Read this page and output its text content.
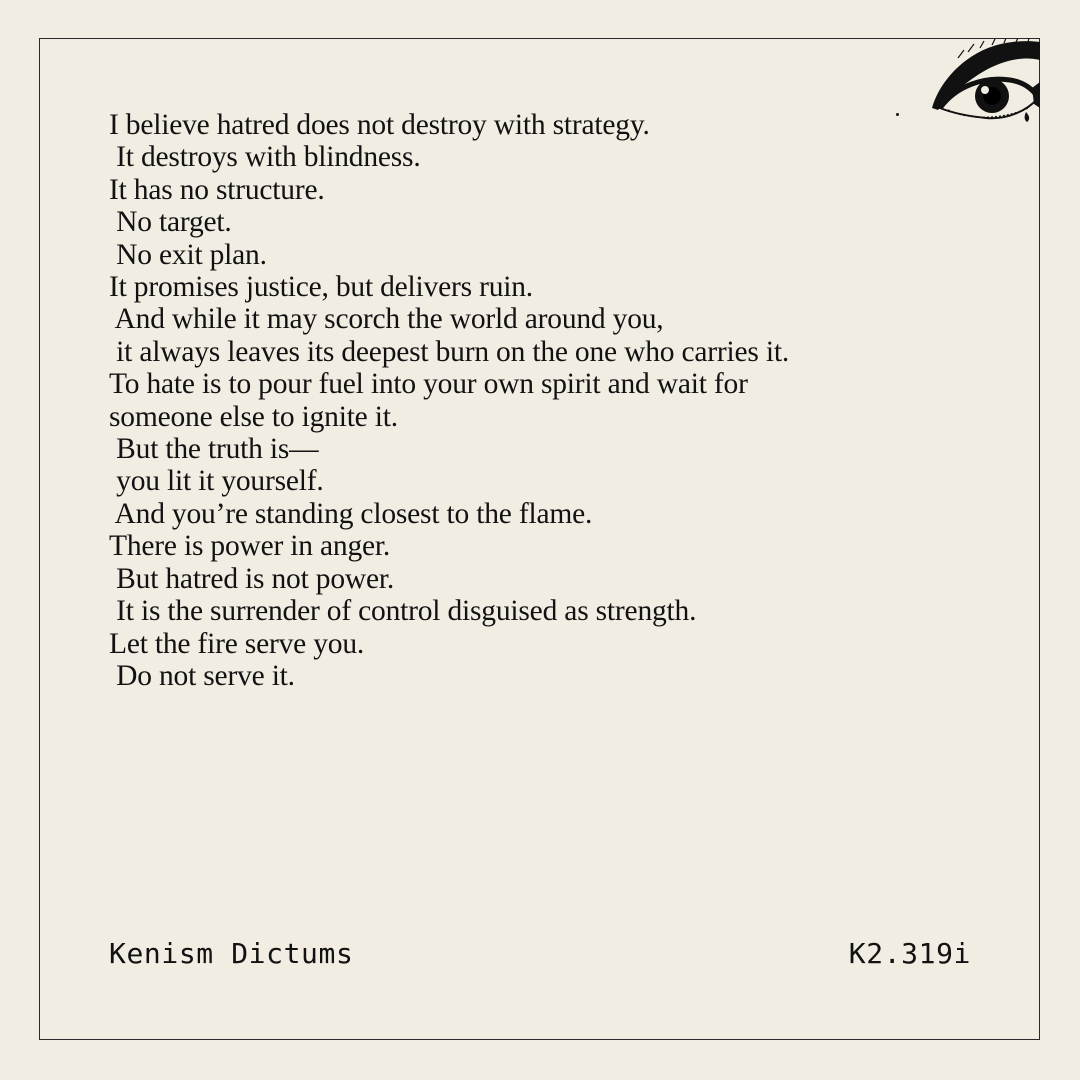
I believe hatred does not destroy with strategy.
It destroys with blindness.
It has no structure.
No target.
No exit plan.
It promises justice, but delivers ruin.
And while it may scorch the world around you,
it always leaves its deepest burn on the one who carries it.
To hate is to pour fuel into your own spirit and wait for
someone else to ignite it.
But the truth is—
you lit it yourself.
And you’re standing closest to the flame.
There is power in anger.
But hatred is not power.
It is the surrender of control disguised as strength.
Let the fire serve you.
Do not serve it.
Kenism Dictums	K2.319i
